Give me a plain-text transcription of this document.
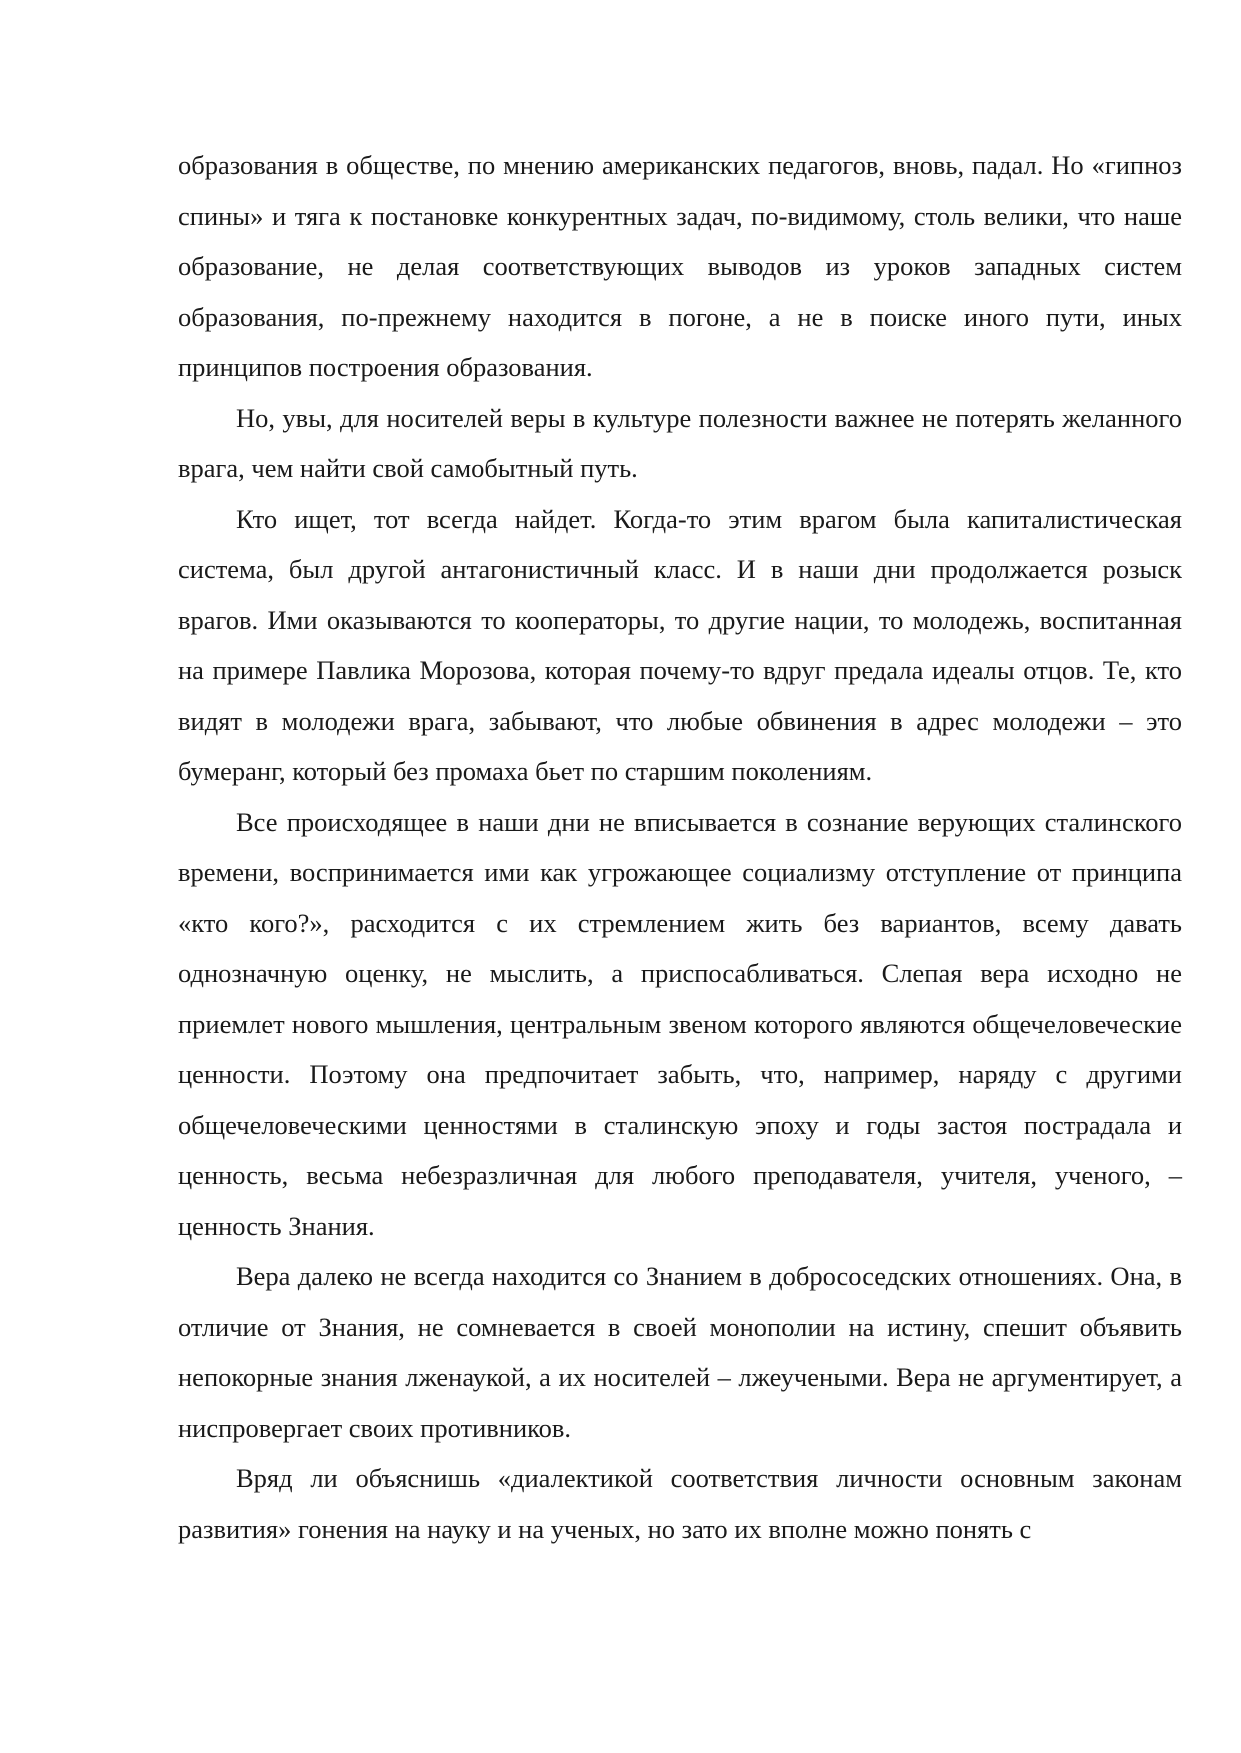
образования в обществе, по мнению американских педагогов, вновь, падал. Но «гипноз спины» и тяга к постановке конкурентных задач, по-видимому, столь велики, что наше образование, не делая соответствующих выводов из уроков западных систем образования, по-прежнему находится в погоне, а не в поиске иного пути, иных принципов построения образования.

Но, увы, для носителей веры в культуре полезности важнее не потерять желанного врага, чем найти свой самобытный путь.

Кто ищет, тот всегда найдет. Когда-то этим врагом была капиталистическая система, был другой антагонистичный класс. И в наши дни продолжается розыск врагов. Ими оказываются то кооператоры, то другие нации, то молодежь, воспитанная на примере Павлика Морозова, которая почему-то вдруг предала идеалы отцов. Те, кто видят в молодежи врага, забывают, что любые обвинения в адрес молодежи – это бумеранг, который без промаха бьет по старшим поколениям.

Все происходящее в наши дни не вписывается в сознание верующих сталинского времени, воспринимается ими как угрожающее социализму отступление от принципа «кто кого?», расходится с их стремлением жить без вариантов, всему давать однозначную оценку, не мыслить, а приспосабливаться. Слепая вера исходно не приемлет нового мышления, центральным звеном которого являются общечеловеческие ценности. Поэтому она предпочитает забыть, что, например, наряду с другими общечеловеческими ценностями в сталинскую эпоху и годы застоя пострадала и ценность, весьма небезразличная для любого преподавателя, учителя, ученого, – ценность Знания.

Вера далеко не всегда находится со Знанием в добрососедских отношениях. Она, в отличие от Знания, не сомневается в своей монополии на истину, спешит объявить непокорные знания лженаукой, а их носителей – лжеучеными. Вера не аргументирует, а ниспровергает своих противников.

Вряд ли объяснишь «диалектикой соответствия личности основным законам развития» гонения на науку и на ученых, но зато их вполне можно понять с
